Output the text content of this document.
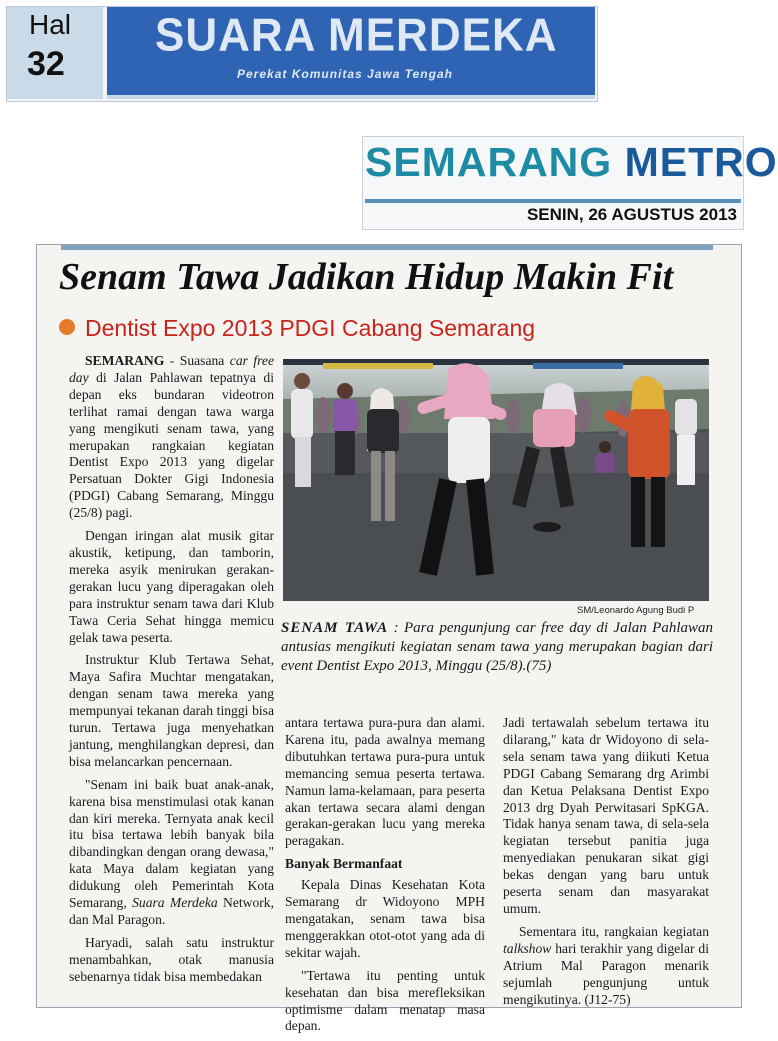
Hal
32
SUARA MERDEKA
Perekat Komunitas Jawa Tengah
SEMARANG METRO
SENIN, 26 AGUSTUS 2013
Senam Tawa Jadikan Hidup Makin Fit
Dentist Expo 2013 PDGI Cabang Semarang

SEMARANG - Suasana car free day di Jalan Pahlawan tepatnya di depan eks bundaran videotron terlihat ramai dengan tawa warga yang mengikuti senam tawa, yang merupakan rangkaian kegiatan Dentist Expo 2013 yang digelar Persatuan Dokter Gigi Indonesia (PDGI) Cabang Semarang, Minggu (25/8) pagi.

Dengan iringan alat musik gitar akustik, ketipung, dan tamborin, mereka asyik menirukan gerakan-gerakan lucu yang diperagakan oleh para instruktur senam tawa dari Klub Tawa Ceria Sehat hingga memicu gelak tawa peserta.

Instruktur Klub Tertawa Sehat, Maya Safira Muchtar mengatakan, dengan senam tawa mereka yang mempunyai tekanan darah tinggi bisa turun. Tertawa juga menyehatkan jantung, menghilangkan depresi, dan bisa melancarkan pencernaan.

"Senam ini baik buat anak-anak, karena bisa menstimulasi otak kanan dan kiri mereka. Ternyata anak kecil itu bisa tertawa lebih banyak bila dibandingkan dengan orang dewasa," kata Maya dalam kegiatan yang didukung oleh Pemerintah Kota Semarang, Suara Merdeka Network, dan Mal Paragon.

Haryadi, salah satu instruktur menambahkan, otak manusia sebenarnya tidak bisa membedakan

SM/Leonardo Agung Budi P
SENAM TAWA : Para pengunjung car free day di Jalan Pahlawan antusias mengikuti kegiatan senam tawa yang merupakan bagian dari event Dentist Expo 2013, Minggu (25/8).(75)

antara tertawa pura-pura dan alami. Karena itu, pada awalnya memang dibutuhkan tertawa pura-pura untuk memancing semua peserta tertawa. Namun lama-kelamaan, para peserta akan tertawa secara alami dengan gerakan-gerakan lucu yang mereka peragakan.

Banyak Bermanfaat

Kepala Dinas Kesehatan Kota Semarang dr Widoyono MPH mengatakan, senam tawa bisa menggerakkan otot-otot yang ada di sekitar wajah.

"Tertawa itu penting untuk kesehatan dan bisa merefleksikan optimisme dalam menatap masa depan.

Jadi tertawalah sebelum tertawa itu dilarang," kata dr Widoyono di sela-sela senam tawa yang diikuti Ketua PDGI Cabang Semarang drg Arimbi dan Ketua Pelaksana Dentist Expo 2013 drg Dyah Perwitasari SpKGA. Tidak hanya senam tawa, di sela-sela kegiatan tersebut panitia juga menyediakan penukaran sikat gigi bekas dengan yang baru untuk peserta senam dan masyarakat umum.

Sementara itu, rangkaian kegiatan talkshow hari terakhir yang digelar di Atrium Mal Paragon menarik sejumlah pengunjung untuk mengikutinya. (J12-75)
